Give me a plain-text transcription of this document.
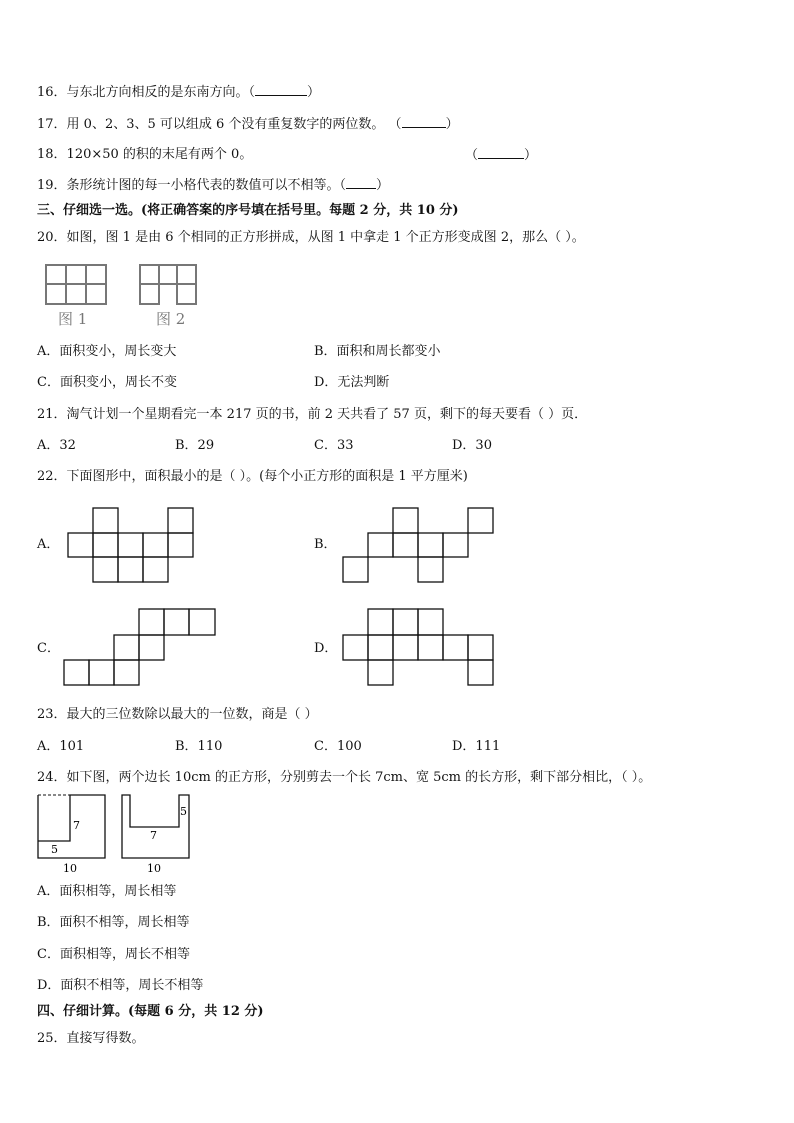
16．与东北方向相反的是东南方向。（	）
17．用 0、2、3、5 可以组成 6 个没有重复数字的两位数。 （	）
18．120×50 的积的末尾有两个 0。	（	）
19．条形统计图的每一小格代表的数值可以不相等。（ ）
三、仔细选一选。(将正确答案的序号填在括号里。每题 2 分，共 10 分)
20．如图，图 1 是由 6 个相同的正方形拼成，从图 1 中拿走 1 个正方形变成图 2，那么（ ）。
图 1	图 2
A．面积变小，周长变大	B．面积和周长都变小
C．面积变小，周长不变	D．无法判断
21．淘气计划一个星期看完一本 217 页的书，前 2 天共看了 57 页，剩下的每天要看（ ）页．
A．32	B．29	C．33	D．30
22．下面图形中，面积最小的是（ ）。(每个小正方形的面积是 1 平方厘米)
A．	B．
C．	D．
23．最大的三位数除以最大的一位数，商是（ ）
A．101	B．110	C．100	D．111
24．如下图，两个边长 10cm 的正方形，分别剪去一个长 7cm、宽 5cm 的长方形，剩下部分相比，（ ）。
7
5
10
5
7
10
A．面积相等，周长相等
B．面积不相等，周长相等
C．面积相等，周长不相等
D．面积不相等，周长不相等
四、仔细计算。(每题 6 分，共 12 分)
25．直接写得数。
